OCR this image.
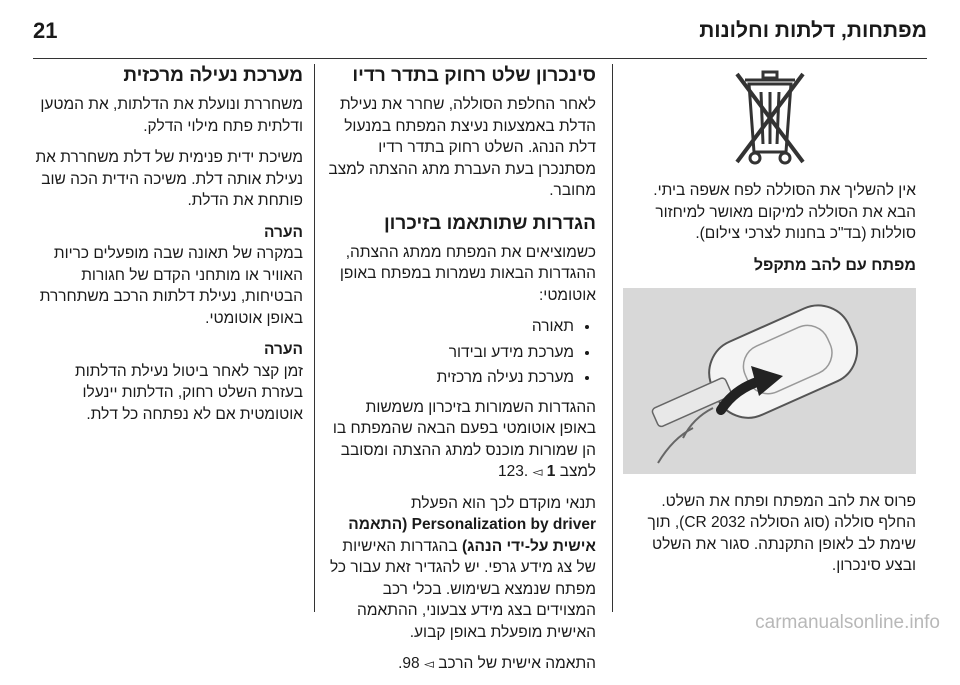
21	מפתחות, דלתות וחלונות

אין להשליך את הסוללה לפח אשפה ביתי. הבא את הסוללה למיקום מאושר למיחזור סוללות (בד"כ בחנות לצרכי צילום).

מפתח עם להב מתקפל

פרוס את להב המפתח ופתח את השלט. החלף סוללה (סוג הסוללה CR 2032), תוך שימת לב לאופן התקנתה. סגור את השלט ובצע סינכרון.

סינכרון שלט רחוק בתדר רדיו

לאחר החלפת הסוללה, שחרר את נעילת הדלת באמצעות נעיצת המפתח במנעול דלת הנהג. השלט רחוק בתדר רדיו מסתנכרן בעת העברת מתג ההצתה למצב מחובר.

הגדרות שתותאמו בזיכרון

כשמוציאים את המפתח ממתג ההצתה, ההגדרות הבאות נשמרות במפתח באופן אוטומטי:

• תאורה
• מערכת מידע ובידור
• מערכת נעילה מרכזית

ההגדרות השמורות בזיכרון משמשות באופן אוטומטי בפעם הבאה שהמפתח בו הן שמורות מוכנס למתג ההצתה ומסובב למצב 1 ◅ .123

תנאי מוקדם לכך הוא הפעלת Personalization by driver (התאמה אישית על-ידי הנהג) בהגדרות האישיות של צג מידע גרפי. יש להגדיר זאת עבור כל מפתח שנמצא בשימוש. בכלי רכב המצוידים בצג מידע צבעוני, ההתאמה האישית מופעלת באופן קבוע.

התאמה אישית של הרכב ◅ 98.

מערכת נעילה מרכזית

משחררת ונועלת את הדלתות, את המטען ודלתית פתח מילוי הדלק.

משיכת ידית פנימית של דלת משחררת את נעילת אותה דלת. משיכה הידית הכה שוב פותחת את הדלת.

הערה

במקרה של תאונה שבה מופעלים כריות האוויר או מותחני הקדם של חגורות הבטיחות, נעילת דלתות הרכב משתחררת באופן אוטומטי.

הערה

זמן קצר לאחר ביטול נעילת הדלתות בעזרת השלט רחוק, הדלתות יינעלו אוטומטית אם לא נפתחה כל דלת.

carmanualsonline.info
